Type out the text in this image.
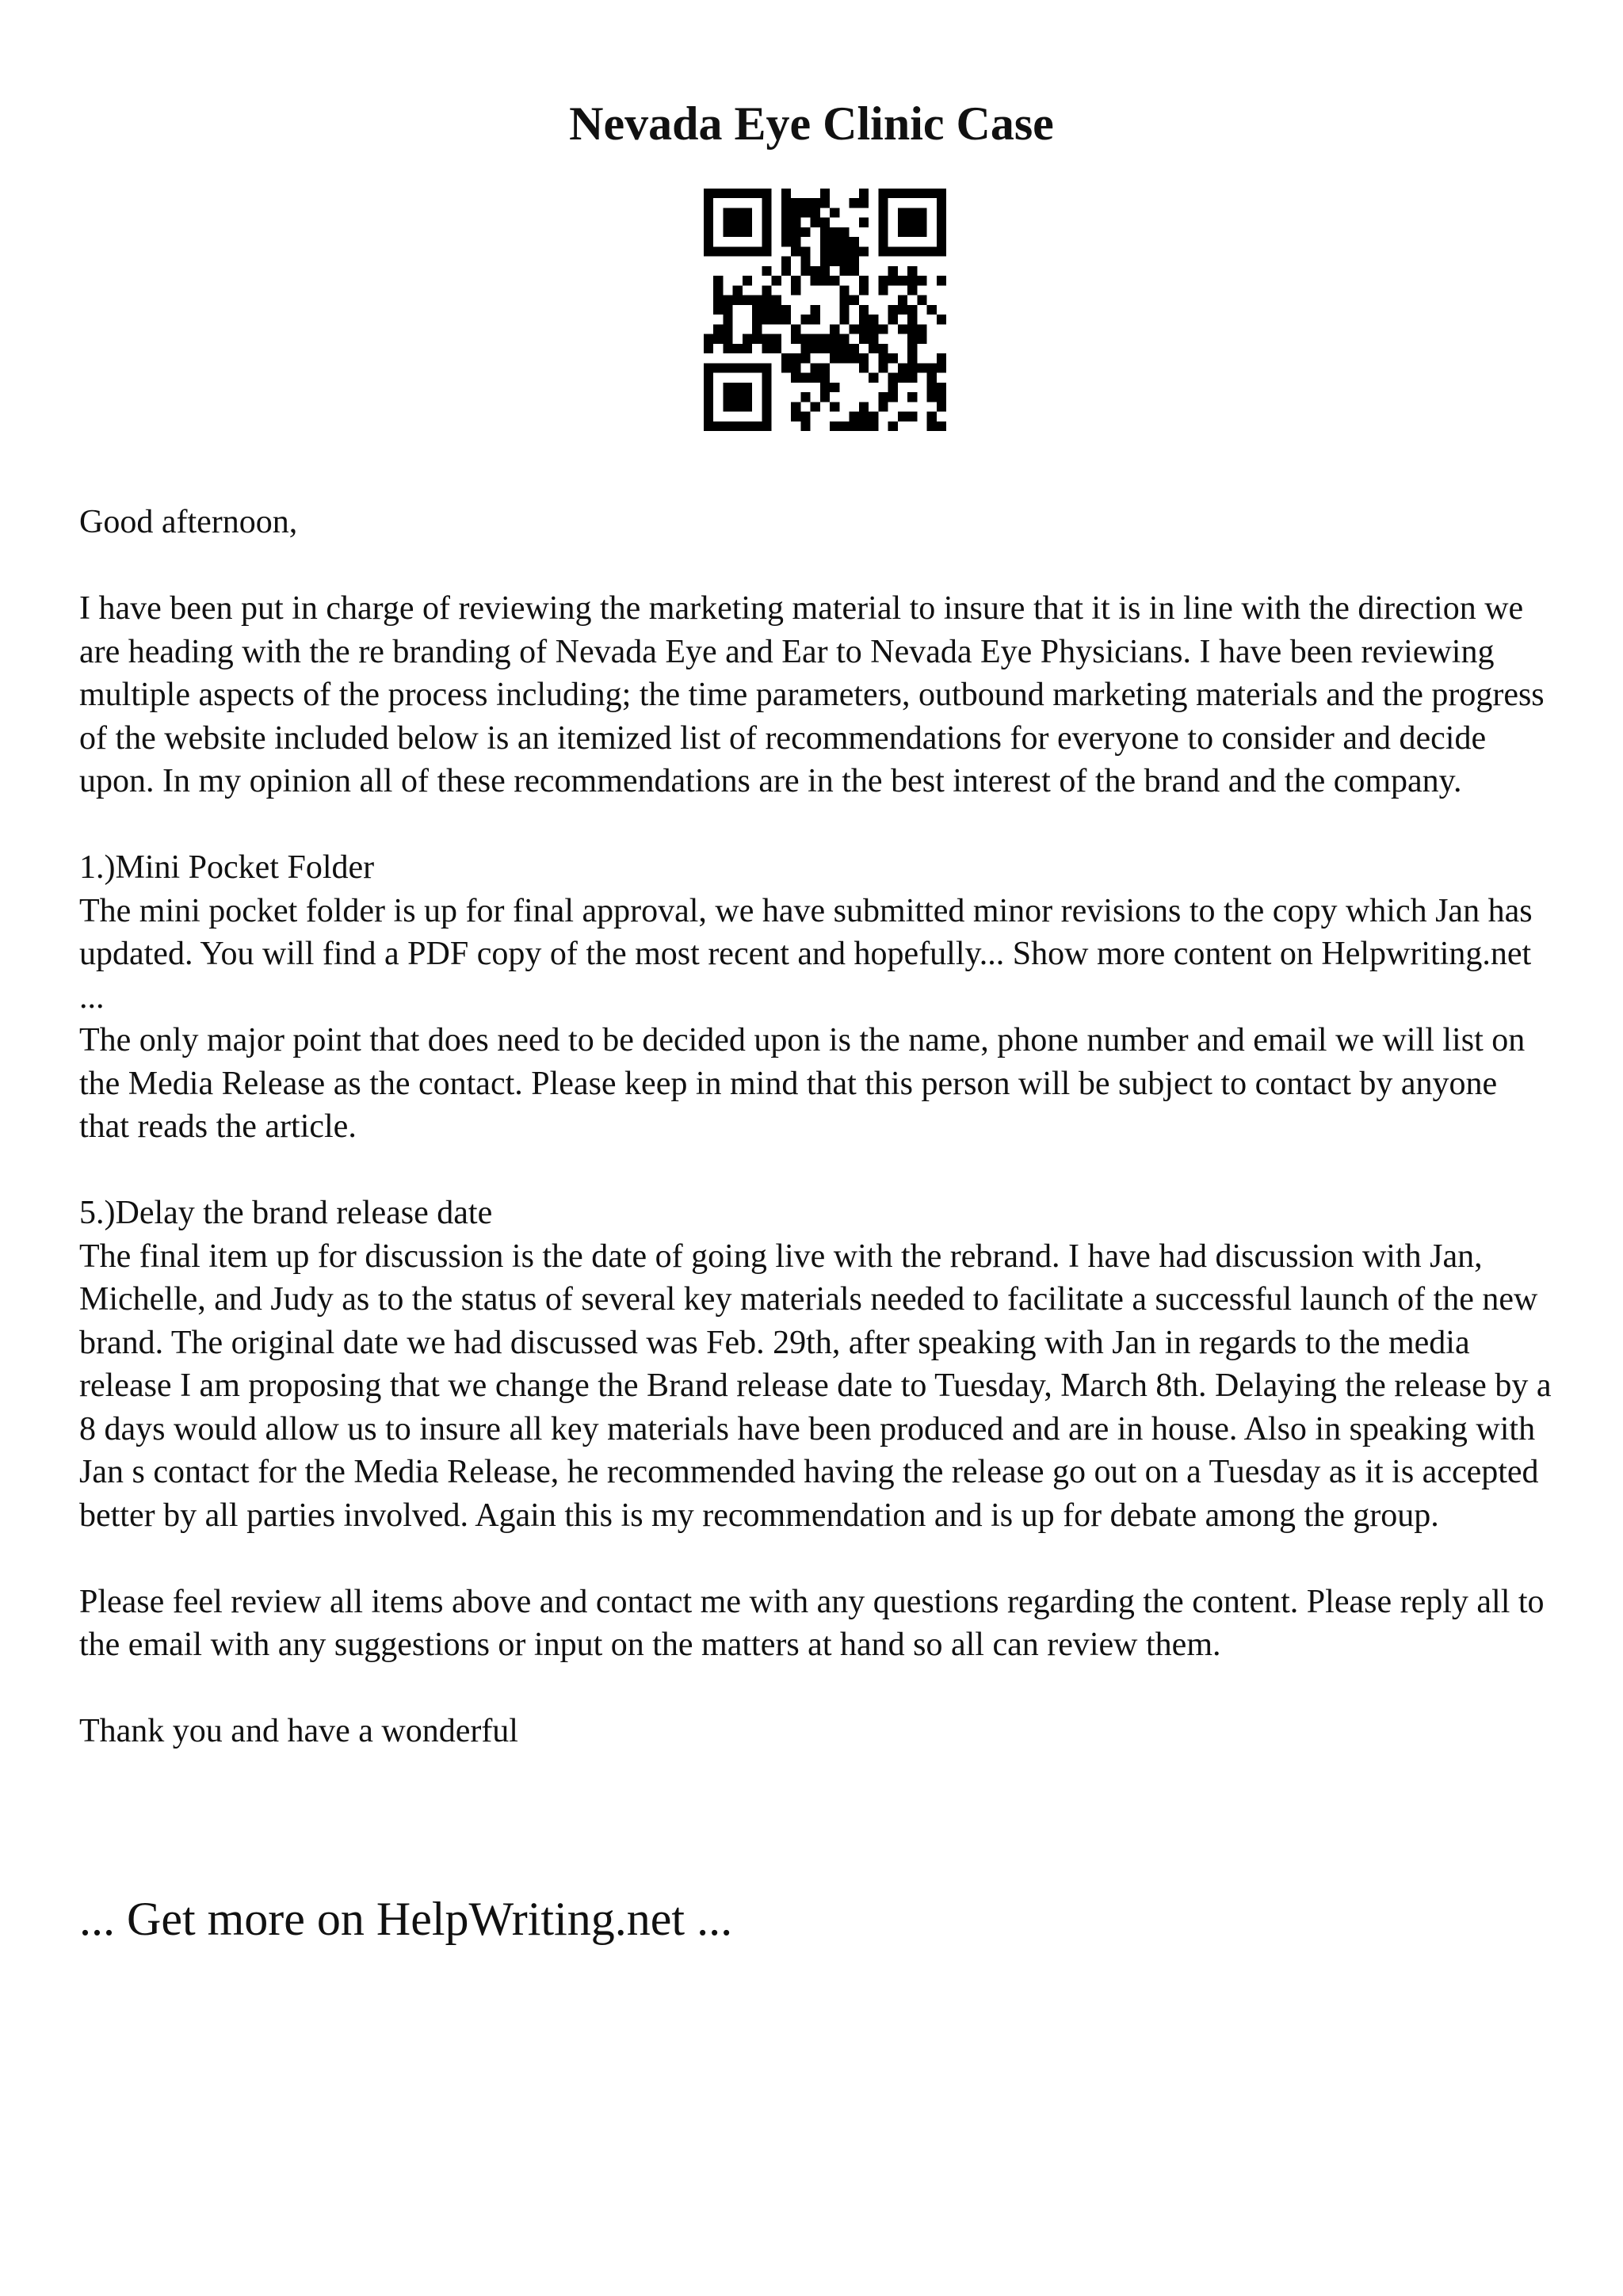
Nevada Eye Clinic Case

Good afternoon,

I have been put in charge of reviewing the marketing material to insure that it is in line with the direction we are heading with the re branding of Nevada Eye and Ear to Nevada Eye Physicians. I have been reviewing multiple aspects of the process including; the time parameters, outbound marketing materials and the progress of the website included below is an itemized list of recommendations for everyone to consider and decide upon. In my opinion all of these recommendations are in the best interest of the brand and the company.

1.)Mini Pocket Folder

The mini pocket folder is up for final approval, we have submitted minor revisions to the copy which Jan has updated. You will find a PDF copy of the most recent and hopefully... Show more content on Helpwriting.net ...

The only major point that does need to be decided upon is the name, phone number and email we will list on the Media Release as the contact. Please keep in mind that this person will be subject to contact by anyone that reads the article.

5.)Delay the brand release date

The final item up for discussion is the date of going live with the rebrand. I have had discussion with Jan, Michelle, and Judy as to the status of several key materials needed to facilitate a successful launch of the new brand. The original date we had discussed was Feb. 29th, after speaking with Jan in regards to the media release I am proposing that we change the Brand release date to Tuesday, March 8th. Delaying the release by a 8 days would allow us to insure all key materials have been produced and are in house. Also in speaking with Jan s contact for the Media Release, he recommended having the release go out on a Tuesday as it is accepted better by all parties involved. Again this is my recommendation and is up for debate among the group.

Please feel review all items above and contact me with any questions regarding the content. Please reply all to the email with any suggestions or input on the matters at hand so all can review them.

Thank you and have a wonderful

... Get more on HelpWriting.net ...
